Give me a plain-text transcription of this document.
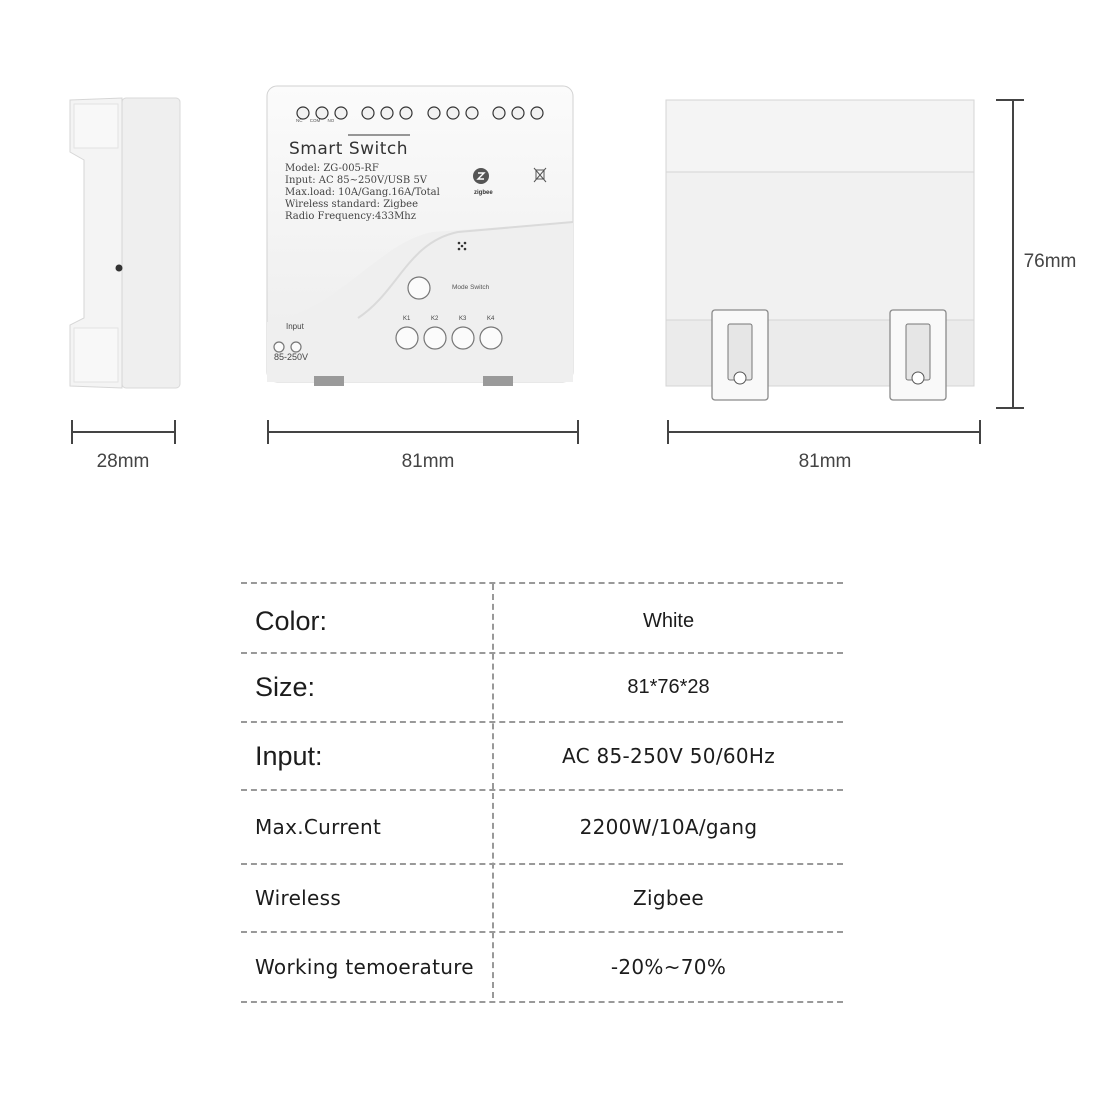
Smart Switch
Model: ZG-005-RF
Input: AC 85~250V/USB 5V
Max.load: 10A/Gang.16A/Total
Wireless standard: Zigbee
Radio Frequency:433Mhz
zigbee
Mode Switch
Input
85-250V
K1	K2	K3	K4
NC COM NO
28mm	81mm	81mm
76mm
Color:	White
Size:	81*76*28
Input:	AC 85-250V 50/60Hz
Max.Current	2200W/10A/gang
Wireless	Zigbee
Working temoerature	-20%~70%
